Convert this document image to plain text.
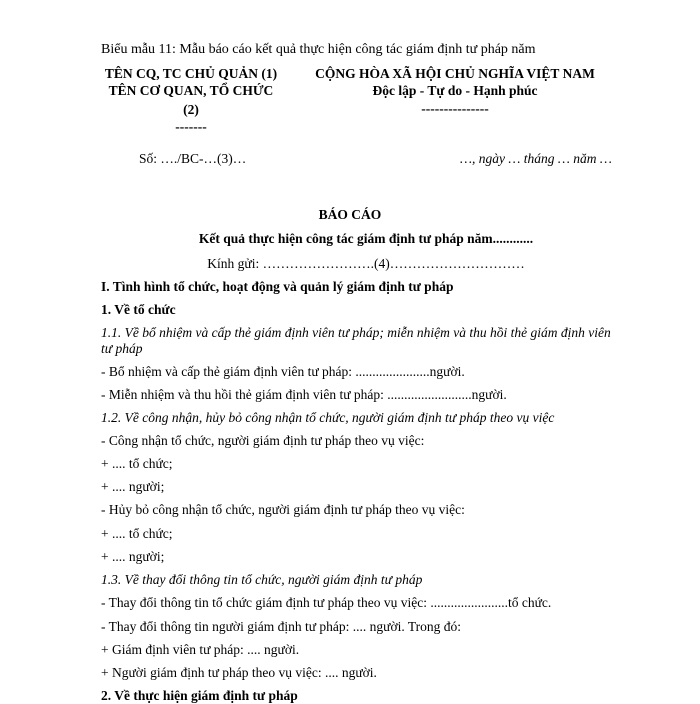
Biểu mẫu 11: Mẫu báo cáo kết quả thực hiện công tác giám định tư pháp năm
TÊN CQ, TC CHỦ QUẢN (1)
TÊN CƠ QUAN, TỔ CHỨC
(2)
-------
CỘNG HÒA XÃ HỘI CHỦ NGHĨA VIỆT NAM
Độc lập - Tự do - Hạnh phúc
---------------
Số: …./BC-…(3)…	…, ngày … tháng … năm …
BÁO CÁO
Kết quả thực hiện công tác giám định tư pháp năm............
Kính gửi: …………………….(4)…………………………
I. Tình hình tổ chức, hoạt động và quản lý giám định tư pháp
1. Về tổ chức
1.1. Về bổ nhiệm và cấp thẻ giám định viên tư pháp; miễn nhiệm và thu hồi thẻ giám định viên
tư pháp
- Bổ nhiệm và cấp thẻ giám định viên tư pháp: ......................người.
- Miễn nhiệm và thu hồi thẻ giám định viên tư pháp: .........................người.
1.2. Về công nhận, hủy bỏ công nhận tổ chức, người giám định tư pháp theo vụ việc
- Công nhận tổ chức, người giám định tư pháp theo vụ việc:
+ .... tổ chức;
+ .... người;
- Hủy bỏ công nhận tổ chức, người giám định tư pháp theo vụ việc:
+ .... tổ chức;
+ .... người;
1.3. Về thay đổi thông tin tổ chức, người giám định tư pháp
- Thay đổi thông tin tổ chức giám định tư pháp theo vụ việc: .......................tổ chức.
- Thay đổi thông tin người giám định tư pháp: .... người. Trong đó:
+ Giám định viên tư pháp: .... người.
+ Người giám định tư pháp theo vụ việc: .... người.
2. Về thực hiện giám định tư pháp
